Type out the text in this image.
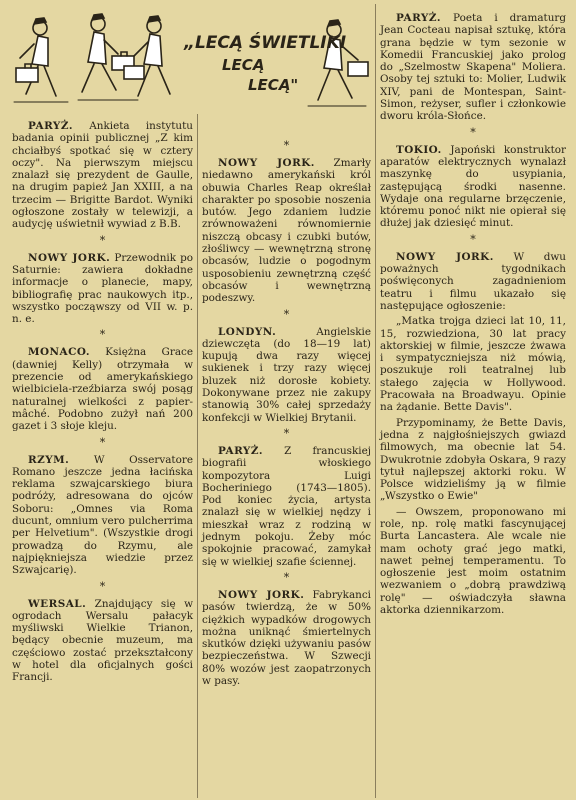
„LECĄ ŚWIETLIKI
LECĄ
LECĄ"

PARYŻ. Ankieta instytutu badania opinii publicznej „Z kim chciałbyś spotkać się w cztery oczy". Na pierwszym miejscu znalazł się prezydent de Gaulle, na drugim papież Jan XXIII, a na trzecim — Brigitte Bardot. Wyniki ogłoszone zostały w telewizji, a audycję uświetnił wywiad z B.B.

*

NOWY JORK. Przewodnik po Saturnie: zawiera dokładne informacje o planecie, mapy, bibliografię prac naukowych itp., wszystko począwszy od VII w. p. n. e.

*

MONACO. Księżna Grace (dawniej Kelly) otrzymała w prezencie od amerykańskiego wielbiciela-rzeźbiarza swój posąg naturalnej wielkości z papier-mâché. Podobno zużył nań 200 gazet i 3 słoje kleju.

*

RZYM. W Osservatore Romano jeszcze jedna łacińska reklama szwajcarskiego biura podróży, adresowana do ojców Soboru: „Omnes via Roma ducunt, omnium vero pulcherrima per Helvetium". (Wszystkie drogi prowadzą do Rzymu, ale najpiękniejsza wiedzie przez Szwajcarię).

*

WERSAL. Znajdujący się w ogrodach Wersalu pałacyk myśliwski Wielkie Trianon, będący obecnie muzeum, ma częściowo zostać przekształcony w hotel dla oficjalnych gości Francji.

*

NOWY JORK. Zmarły niedawno amerykański król obuwia Charles Reap określał charakter po sposobie noszenia butów. Jego zdaniem ludzie zrównoważeni równomiernie niszczą obcasy i czubki butów, złośliwcy — wewnętrzną stronę obcasów, ludzie o pogodnym usposobieniu zewnętrzną część obcasów i wewnętrzną podeszwy.

*

LONDYN.	Angielskie dziewczęta (do 18—19 lat) kupują dwa razy więcej sukienek i trzy razy więcej bluzek niż dorosłe kobiety. Dokonywane przez nie zakupy stanowią 30% całej sprzedaży konfekcji w Wielkiej Brytanii.

*

PARYŻ. Z francuskiej biografii włoskiego kompozytora Luigi Bocheriniego (1743—1805). Pod koniec życia, artysta znalazł się w wielkiej nędzy i mieszkał wraz z rodziną w jednym pokoju. Żeby móc spokojnie pracować, zamykał się w wielkiej szafie ściennej.

*

NOWY JORK. Fabrykanci pasów twierdzą, że w 50% ciężkich wypadków drogowych można uniknąć śmiertelnych skutków dzięki używaniu pasów bezpieczeństwa. W Szwecji 80% wozów jest zaopatrzonych w pasy.

PARYŻ. Poeta i dramaturg Jean Cocteau napisał sztukę, która grana będzie w tym sezonie w Komedii Francuskiej jako prolog do „Szelmostw Skapena" Moliera. Osoby tej sztuki to: Molier, Ludwik XIV, pani de Montespan, Saint-Simon, reżyser, sufler i członkowie dworu króla-Słońce.

*

TOKIO. Japoński konstruktor aparatów elektrycznych wynalazł maszynkę do usypiania, zastępującą środki nasenne. Wydaje ona regularne brzęczenie, któremu ponoć nikt nie opierał się dłużej jak dziesięć minut.

*

NOWY JORK. W dwu poważnych tygodnikach poświęconych zagadnieniom teatru i filmu ukazało się następujące ogłoszenie:

„Matka trojga dzieci lat 10, 11, 15, rozwiedziona, 30 lat pracy aktorskiej w filmie, jeszcze żwawa i sympatyczniejsza niż mówią, poszukuje roli teatralnej lub stałego zajęcia w Hollywood. Pracowała na Broadwayu. Opinie na żądanie. Bette Davis".

Przypominamy, że Bette Davis, jedna z najgłośniejszych gwiazd filmowych, ma obecnie lat 54. Dwukrotnie zdobyła Oskara, 9 razy tytuł najlepszej aktorki roku. W Polsce widzieliśmy ją w filmie „Wszystko o Ewie"

— Owszem, proponowano mi role, np. rolę matki fascynującej Burta Lancastera. Ale wcale nie mam ochoty grać jego matki, nawet pełnej temperamentu. To ogłoszenie jest moim ostatnim wezwaniem o „dobrą prawdziwą rolę" — oświadczyła sławna aktorka dziennikarzom.
